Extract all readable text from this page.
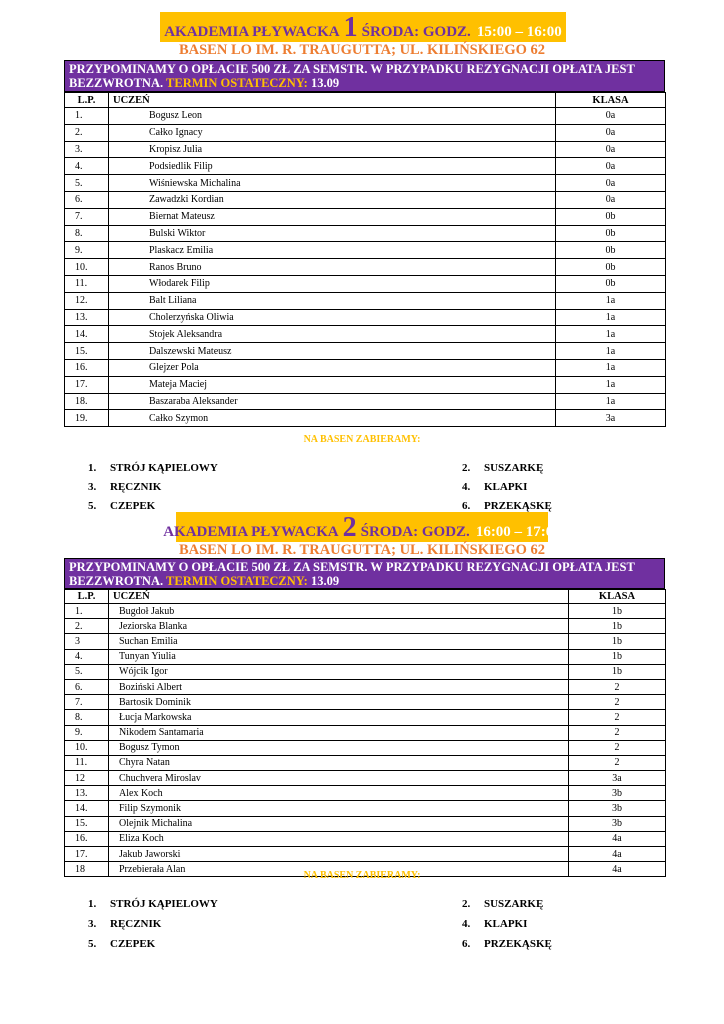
AKADEMIA PŁYWACKA 1 ŚRODA: GODZ. 15:00 – 16:00
BASEN LO IM. R. TRAUGUTTA; UL. KILIŃSKIEGO 62
PRZYPOMINAMY O OPŁACIE 500 ZŁ ZA SEMSTR. W PRZYPADKU REZYGNACJI OPŁATA JEST BEZZWROTNA. TERMIN OSTATECZNY: 13.09
L.P.	UCZEŃ	KLASA
1.	Bogusz Leon	0a
2.	Całko Ignacy	0a
3.	Kropisz Julia	0a
4.	Podsiedlik Filip	0a
5.	Wiśniewska Michalina	0a
6.	Zawadzki Kordian	0a
7.	Biernat Mateusz	0b
8.	Bulski Wiktor	0b
9.	Plaskacz Emilia	0b
10.	Ranos Bruno	0b
11.	Włodarek Filip	0b
12.	Balt Liliana	1a
13.	Cholerzyńska Oliwia	1a
14.	Stojek Aleksandra	1a
15.	Dalszewski Mateusz	1a
16.	Glejzer Pola	1a
17.	Mateja Maciej	1a
18.	Baszaraba Aleksander	1a
19.	Całko Szymon	3a
NA BASEN ZABIERAMY:
1. STRÓJ KĄPIELOWY	2. SUSZARKĘ
3. RĘCZNIK	4. KLAPKI
5. CZEPEK	6. PRZEKĄSKĘ
AKADEMIA PŁYWACKA 2 ŚRODA: GODZ. 16:00 – 17:00
BASEN LO IM. R. TRAUGUTTA; UL. KILIŃSKIEGO 62
PRZYPOMINAMY O OPŁACIE 500 ZŁ ZA SEMSTR. W PRZYPADKU REZYGNACJI OPŁATA JEST BEZZWROTNA. TERMIN OSTATECZNY: 13.09
L.P.	UCZEŃ	KLASA
1.	Bugdoł Jakub	1b
2.	Jeziorska Blanka	1b
3	Suchan Emilia	1b
4.	Tunyan Yiulia	1b
5.	Wójcik Igor	1b
6.	Boziński Albert	2
7.	Bartosik Dominik	2
8.	Łucja Markowska	2
9.	Nikodem Santamaria	2
10.	Bogusz Tymon	2
11.	Chyra Natan	2
12	Chuchvera Miroslav	3a
13.	Alex Koch	3b
14.	Filip Szymonik	3b
15.	Olejnik Michalina	3b
16.	Eliza Koch	4a
17.	Jakub Jaworski	4a
18	Przebierała Alan	4a
NA BASEN ZABIERAMY:
1. STRÓJ KĄPIELOWY	2. SUSZARKĘ
3. RĘCZNIK	4. KLAPKI
5. CZEPEK	6. PRZEKĄSKĘ
